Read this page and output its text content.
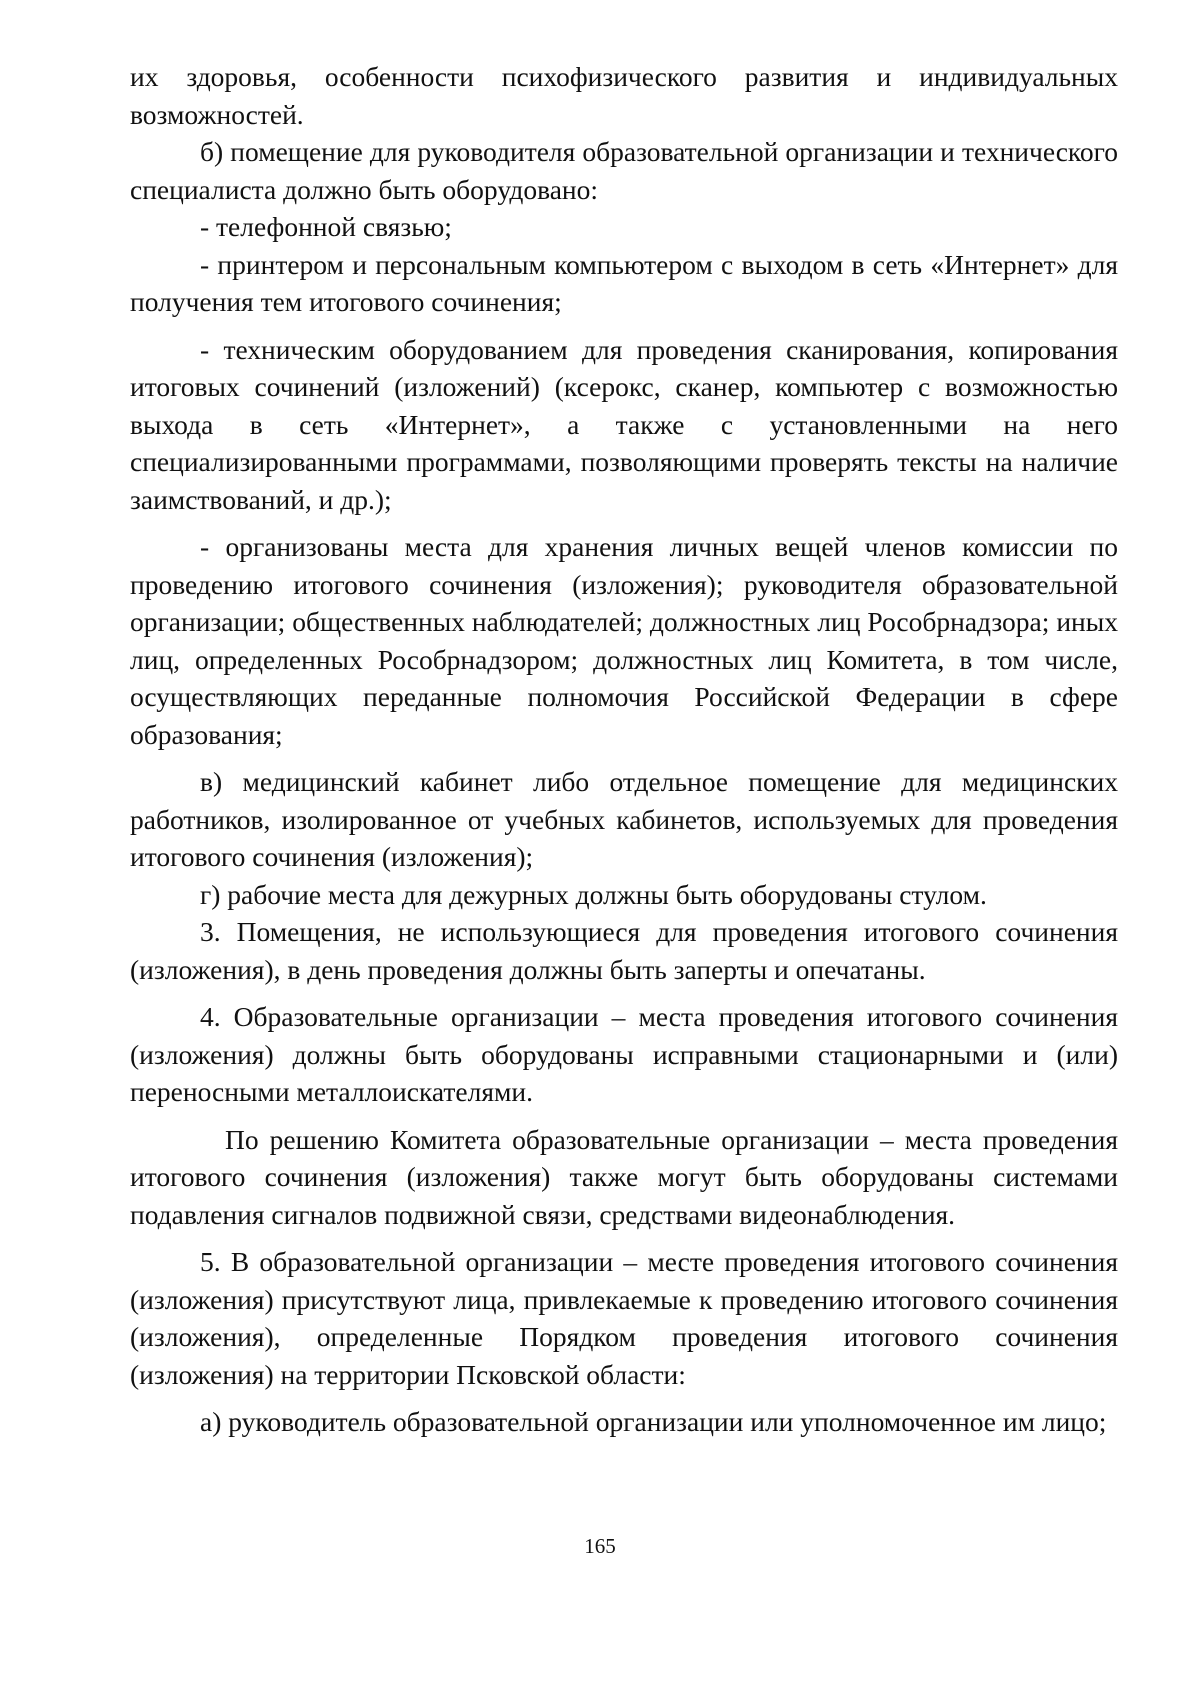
их здоровья, особенности психофизического развития и индивидуальных возможностей.

б) помещение для руководителя образовательной организации и технического специалиста должно быть оборудовано:

- телефонной связью;

- принтером и персональным компьютером с выходом в сеть «Интернет» для получения тем итогового сочинения;

- техническим оборудованием для проведения сканирования, копирования итоговых сочинений (изложений) (ксерокс, сканер, компьютер с возможностью выхода в сеть «Интернет», а также с установленными на него специализированными программами, позволяющими проверять тексты на наличие заимствований, и др.);

- организованы места для хранения личных вещей членов комиссии по проведению итогового сочинения (изложения); руководителя образовательной организации; общественных наблюдателей; должностных лиц Рособрнадзора; иных лиц, определенных Рособрнадзором; должностных лиц Комитета, в том числе, осуществляющих переданные полномочия Российской Федерации в сфере образования;

в) медицинский кабинет либо отдельное помещение для медицинских работников, изолированное от учебных кабинетов, используемых для проведения итогового сочинения (изложения);

г) рабочие места для дежурных должны быть оборудованы стулом.

3. Помещения, не использующиеся для проведения итогового сочинения (изложения), в день проведения должны быть заперты и опечатаны.

4. Образовательные организации – места проведения итогового сочинения (изложения) должны быть оборудованы исправными стационарными и (или) переносными металлоискателями.

По решению Комитета образовательные организации – места проведения итогового сочинения (изложения) также могут быть оборудованы системами подавления сигналов подвижной связи, средствами видеонаблюдения.

5. В образовательной организации – месте проведения итогового сочинения (изложения) присутствуют лица, привлекаемые к проведению итогового сочинения (изложения), определенные Порядком проведения итогового сочинения (изложения) на территории Псковской области:

а) руководитель образовательной организации или уполномоченное им лицо;

165
